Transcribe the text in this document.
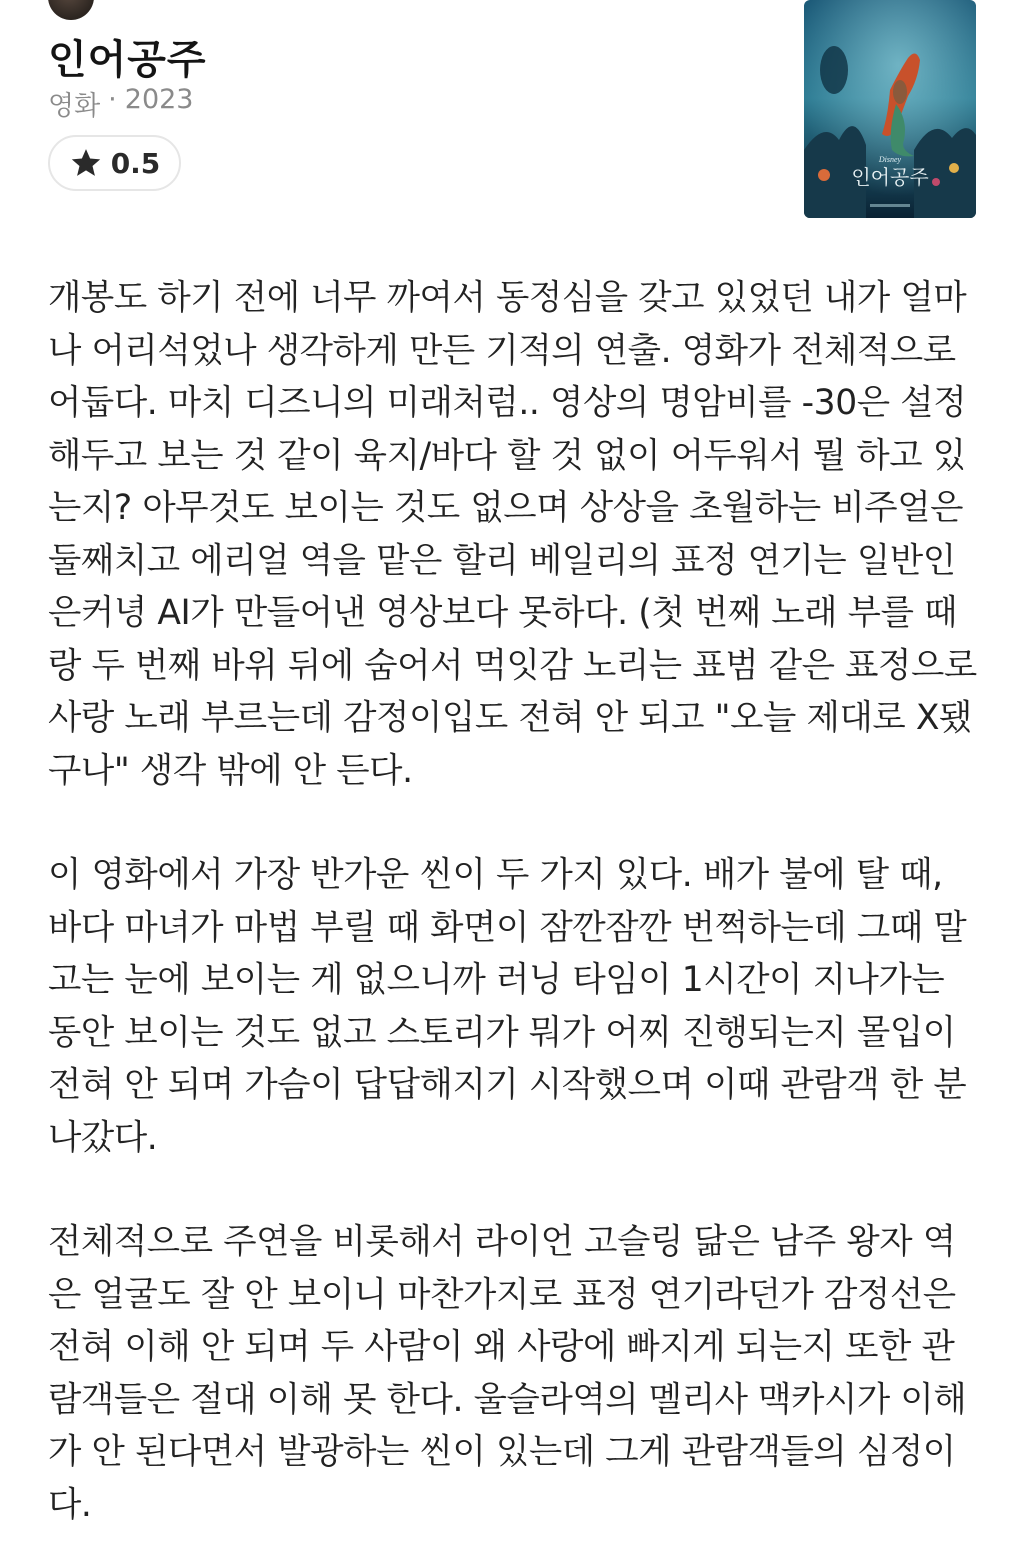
인어공주
영화 · 2023
0.5	인어공주
Disney

개봉도 하기 전에 너무 까여서 동정심을 갖고 있었던 내가 얼마나 어리석었나 생각하게 만든 기적의 연출. 영화가 전체적으로 어둡다. 마치 디즈니의 미래처럼.. 영상의 명암비를 -30은 설정해두고 보는 것 같이 육지/바다 할 것 없이 어두워서 뭘 하고 있는지? 아무것도 보이는 것도 없으며 상상을 초월하는 비주얼은 둘째치고 에리얼 역을 맡은 할리 베일리의 표정 연기는 일반인 은커녕 AI가 만들어낸 영상보다 못하다. (첫 번째 노래 부를 때랑 두 번째 바위 뒤에 숨어서 먹잇감 노리는 표범 같은 표정으로 사랑 노래 부르는데 감정이입도 전혀 안 되고 "오늘 제대로 X됐구나" 생각 밖에 안 든다.

이 영화에서 가장 반가운 씬이 두 가지 있다. 배가 불에 탈 때, 바다 마녀가 마법 부릴 때 화면이 잠깐잠깐 번쩍하는데 그때 말고는 눈에 보이는 게 없으니까 러닝 타임이 1시간이 지나가는 동안 보이는 것도 없고 스토리가 뭐가 어찌 진행되는지 몰입이 전혀 안 되며 가슴이 답답해지기 시작했으며 이때 관람객 한 분 나갔다.

전체적으로 주연을 비롯해서 라이언 고슬링 닮은 남주 왕자 역은 얼굴도 잘 안 보이니 마찬가지로 표정 연기라던가 감정선은 전혀 이해 안 되며 두 사람이 왜 사랑에 빠지게 되는지 또한 관람객들은 절대 이해 못 한다. 울슬라역의 멜리사 맥카시가 이해가 안 된다면서 발광하는 씬이 있는데 그게 관람객들의 심정이다.
